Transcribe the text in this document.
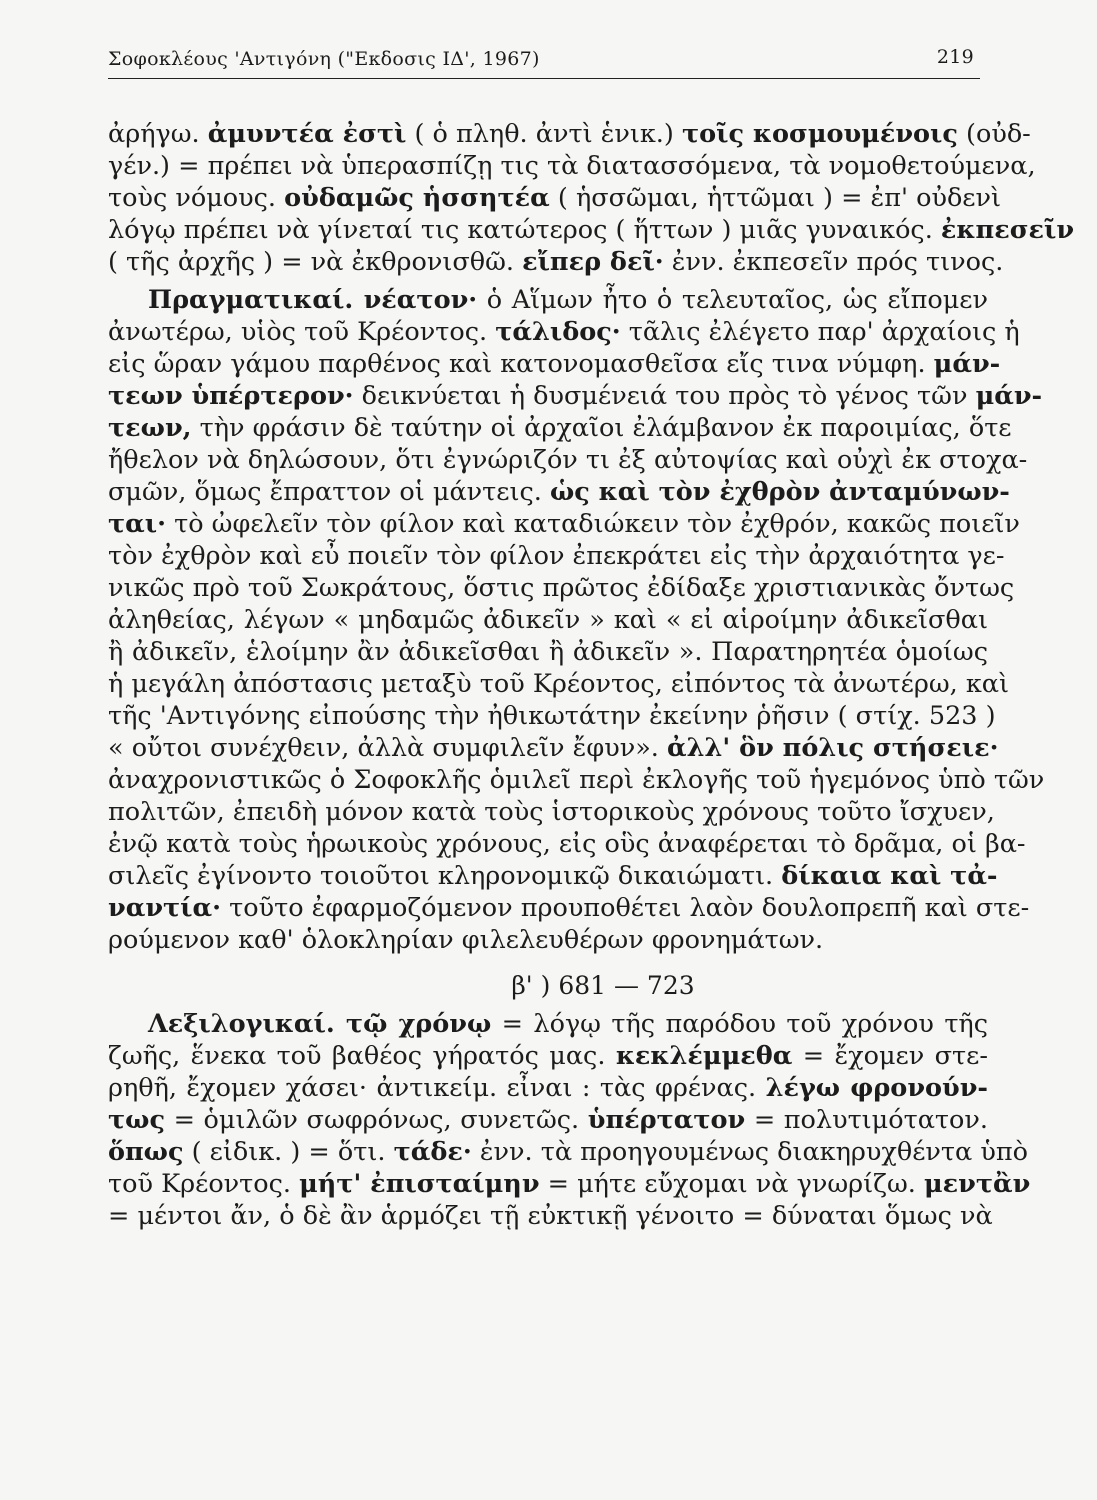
Σοφοκλέους 'Αντιγόνη ("Εκδοσις ΙΔ', 1967)	219
ἀρήγω. ἀμυντέα ἐστὶ ( ὁ πληθ. ἀντὶ ἑνικ.) τοῖς κοσμουμένοις (οὐδ-
γέν.) = πρέπει νὰ ὑπερασπίζῃ τις τὰ διατασσόμενα, τὰ νομοθετούμενα,
τοὺς νόμους. οὐδαμῶς ἡσσητέα ( ἡσσῶμαι, ἡττῶμαι ) = ἐπ' οὐδενὶ
λόγῳ πρέπει νὰ γίνεταί τις κατώτερος ( ἥττων ) μιᾶς γυναικός. ἐκπεσεῖν
( τῆς ἀρχῆς ) = νὰ ἐκθρονισθῶ. εἴπερ δεῖ· ἐνν. ἐκπεσεῖν πρός τινος.
Πραγματικαί. νέατον· ὁ Αἵμων ἦτο ὁ τελευταῖος, ὡς εἴπομεν
ἀνωτέρω, υἱὸς τοῦ Κρέοντος. τάλιδος· τᾶλις ἐλέγετο παρ' ἀρχαίοις ἡ
εἰς ὥραν γάμου παρθένος καὶ κατονομασθεῖσα εἴς τινα νύμφη. μάν-
τεων ὑπέρτερον· δεικνύεται ἡ δυσμένειά του πρὸς τὸ γένος τῶν μάν-
τεων, τὴν φράσιν δὲ ταύτην οἱ ἀρχαῖοι ἐλάμβανον ἐκ παροιμίας, ὅτε
ἤθελον νὰ δηλώσουν, ὅτι ἐγνώριζόν τι ἐξ αὐτοψίας καὶ οὐχὶ ἐκ στοχα-
σμῶν, ὅμως ἔπραττον οἱ μάντεις. ὡς καὶ τὸν ἐχθρὸν ἀνταμύνων-
ται· τὸ ὠφελεῖν τὸν φίλον καὶ καταδιώκειν τὸν ἐχθρόν, κακῶς ποιεῖν
τὸν ἐχθρὸν καὶ εὖ ποιεῖν τὸν φίλον ἐπεκράτει εἰς τὴν ἀρχαιότητα γε-
νικῶς πρὸ τοῦ Σωκράτους, ὅστις πρῶτος ἐδίδαξε χριστιανικὰς ὄντως
ἀληθείας, λέγων « μηδαμῶς ἀδικεῖν » καὶ « εἰ αἱροίμην ἀδικεῖσθαι
ἢ ἀδικεῖν, ἑλοίμην ἂν ἀδικεῖσθαι ἢ ἀδικεῖν ». Παρατηρητέα ὁμοίως
ἡ μεγάλη ἀπόστασις μεταξὺ τοῦ Κρέοντος, εἰπόντος τὰ ἀνωτέρω, καὶ
τῆς 'Αντιγόνης εἰπούσης τὴν ἠθικωτάτην ἐκείνην ῥῆσιν ( στίχ. 523 )
« οὔτοι συνέχθειν, ἀλλὰ συμφιλεῖν ἔφυν». ἀλλ' ὃν πόλις στήσειε·
ἀναχρονιστικῶς ὁ Σοφοκλῆς ὁμιλεῖ περὶ ἐκλογῆς τοῦ ἡγεμόνος ὑπὸ τῶν
πολιτῶν, ἐπειδὴ μόνον κατὰ τοὺς ἱστορικοὺς χρόνους τοῦτο ἴσχυεν,
ἐνῷ κατὰ τοὺς ἡρωικοὺς χρόνους, εἰς οὓς ἀναφέρεται τὸ δρᾶμα, οἱ βα-
σιλεῖς ἐγίνοντο τοιοῦτοι κληρονομικῷ δικαιώματι. δίκαια καὶ τἀ-
ναντία· τοῦτο ἐφαρμοζόμενον προυποθέτει λαὸν δουλοπρεπῆ καὶ στε-
ρούμενον καθ' ὁλοκληρίαν φιλελευθέρων φρονημάτων.
β' ) 681 — 723
Λεξιλογικαί. τῷ χρόνῳ = λόγῳ τῆς παρόδου τοῦ χρόνου τῆς
ζωῆς, ἕνεκα τοῦ βαθέος γήρατός μας. κεκλέμμεθα = ἔχομεν στε-
ρηθῆ, ἔχομεν χάσει· ἀντικείμ. εἶναι : τὰς φρένας. λέγω φρονούν-
τως = ὁμιλῶν σωφρόνως, συνετῶς. ὑπέρτατον = πολυτιμότατον.
ὅπως ( εἰδικ. ) = ὅτι. τάδε· ἐνν. τὰ προηγουμένως διακηρυχθέντα ὑπὸ
τοῦ Κρέοντος. μήτ' ἐπισταίμην = μήτε εὔχομαι νὰ γνωρίζω. μεντἂν
= μέντοι ἄν, ὁ δὲ ἂν ἁρμόζει τῇ εὐκτικῇ γένοιτο = δύναται ὅμως νὰ
